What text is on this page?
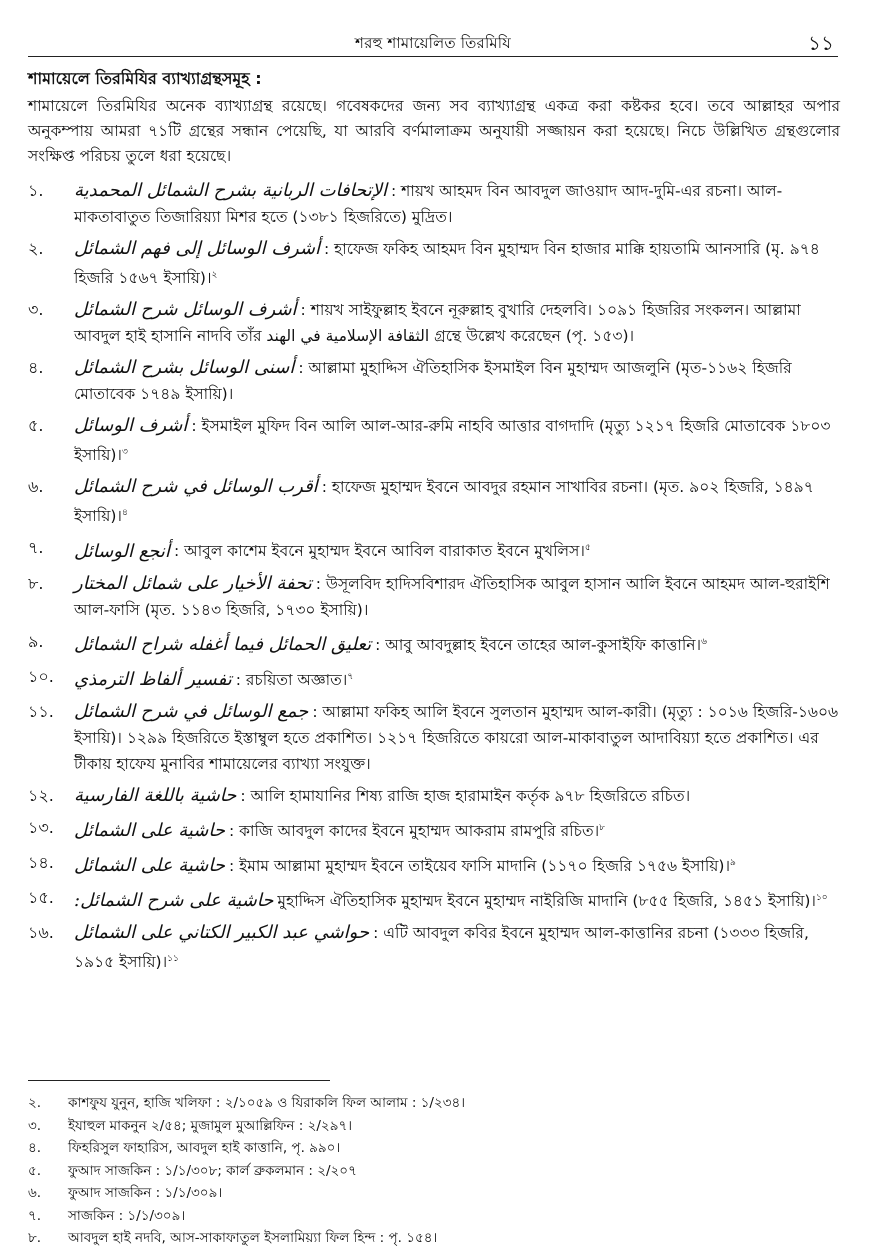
শরহু শামায়েলিত তিরমিযি	১১
শামায়েলে তিরমিযির ব্যাখ্যাগ্রন্থসমূহ :
শামায়েলে তিরমিযির অনেক ব্যাখ্যাগ্রন্থ রয়েছে। গবেষকদের জন্য সব ব্যাখ্যাগ্রন্থ একত্র করা কষ্টকর হবে। তবে আল্লাহর অপার অনুকম্পায় আমরা ৭১টি গ্রন্থের সন্ধান পেয়েছি, যা আরবি বর্ণমালাক্রম অনুযায়ী সজ্জায়ন করা হয়েছে। নিচে উল্লিখিত গ্রন্থগুলোর সংক্ষিপ্ত পরিচয় তুলে ধরা হয়েছে।
১.	الإتحافات الربانية بشرح الشمائل المحمدية : শায়খ আহমদ বিন আবদুল জাওয়াদ আদ-দুমি-এর রচনা। আল-মাকতাবাতুত তিজারিয়্যা মিশর হতে (১৩৮১ হিজরিতে) মুদ্রিত।
২.	أشرف الوسائل إلى فهم الشمائل : হাফেজ ফকিহ আহমদ বিন মুহাম্মদ বিন হাজার মাক্কি হায়তামি আনসারি (মৃ. ৯৭৪ হিজরি ১৫৬৭ ইসায়ি)।$^২$
৩.	أشرف الوسائل شرح الشمائل : শায়খ সাইফুল্লাহ ইবনে নূরুল্লাহ বুখারি দেহলবি। ১০৯১ হিজরির সংকলন। আল্লামা আবদুল হাই হাসানি নাদবি তাঁর الثقافة الإسلامية في الهند গ্রন্থে উল্লেখ করেছেন (পৃ. ১৫৩)।
৪.	أسنى الوسائل بشرح الشمائل : আল্লামা মুহাদ্দিস ঐতিহাসিক ইসমাইল বিন মুহাম্মদ আজলুনি (মৃত-১১৬২ হিজরি মোতাবেক ১৭৪৯ ইসায়ি)।
৫.	أشرف الوسائل : ইসমাইল মুফিদ বিন আলি আল-আর-রুমি নাহবি আত্তার বাগদাদি (মৃত্যু ১২১৭ হিজরি মোতাবেক ১৮০৩ ইসায়ি)।$^৩$
৬.	أقرب الوسائل في شرح الشمائل : হাফেজ মুহাম্মদ ইবনে আবদুর রহমান সাখাবির রচনা। (মৃত. ৯০২ হিজরি, ১৪৯৭ ইসায়ি)।$^৪$
৭.	أنجع الوسائل : আবুল কাশেম ইবনে মুহাম্মদ ইবনে আবিল বারাকাত ইবনে মুখলিস।$^৫$
৮.	تحفة الأخيار على شمائل المختار : উসূলবিদ হাদিসবিশারদ ঐতিহাসিক আবুল হাসান আলি ইবনে আহমদ আল-হুরাইশি আল-ফাসি (মৃত. ১১৪৩ হিজরি, ১৭৩০ ইসায়ি)।
৯.	تعليق الحمائل فيما أغفله شراح الشمائل : আবু আবদুল্লাহ ইবনে তাহের আল-কুসাইফি কাত্তানি।$^৬$
১০.	تفسير ألفاظ الترمذي : রচয়িতা অজ্ঞাত।$^৭$
১১.	جمع الوسائل في شرح الشمائل : আল্লামা ফকিহ আলি ইবনে সুলতান মুহাম্মদ আল-কারী। (মৃত্যু : ১০১৬ হিজরি-১৬০৬ ইসায়ি)। ১২৯৯ হিজরিতে ইস্তাম্বুল হতে প্রকাশিত। ১২১৭ হিজরিতে কায়রো আল-মাকাবাতুল আদাবিয়্যা হতে প্রকাশিত। এর টীকায় হাফেয মুনাবির শামায়েলের ব্যাখ্যা সংযুক্ত।
১২.	حاشية باللغة الفارسية : আলি হামাযানির শিষ্য রাজি হাজ হারামাইন কর্তৃক ৯৭৮ হিজরিতে রচিত।
১৩.	حاشية على الشمائل : কাজি আবদুল কাদের ইবনে মুহাম্মদ আকরাম রামপুরি রচিত।$^৮$
১৪.	حاشية على الشمائل : ইমাম আল্লামা মুহাম্মদ ইবনে তাইয়েব ফাসি মাদানি (১১৭০ হিজরি ১৭৫৬ ইসায়ি)।$^৯$
১৫.	حاشية على شرح الشمائل: মুহাদ্দিস ঐতিহাসিক মুহাম্মদ ইবনে মুহাম্মদ নাইরিজি মাদানি (৮৫৫ হিজরি, ১৪৫১ ইসায়ি)।$^{১০}$
১৬.	حواشي عبد الكبير الكتاني على الشمائل : এটি আবদুল কবির ইবনে মুহাম্মদ আল-কাত্তানির রচনা (১৩৩৩ হিজরি, ১৯১৫ ইসায়ি)।$^{১১}$
২. কাশফুয যুনুন, হাজি খলিফা : ২/১০৫৯ ও যিরাকলি ফিল আলাম : ১/২৩৪।
৩. ইযাহুল মাকনুন ২/৫৪; মুজামুল মুআল্লিফিন : ২/২৯৭।
৪. ফিহরিসুল ফাহারিস, আবদুল হাই কাত্তানি, পৃ. ৯৯০।
৫. ফুআদ সাজকিন : ১/১/৩০৮; কার্ল ব্রুকলমান : ২/২০৭
৬. ফুআদ সাজকিন : ১/১/৩০৯।
৭. সাজকিন : ১/১/৩০৯।
৮. আবদুল হাই নদবি, আস-সাকাফাতুল ইসলামিয়্যা ফিল হিন্দ : পৃ. ১৫৪।
